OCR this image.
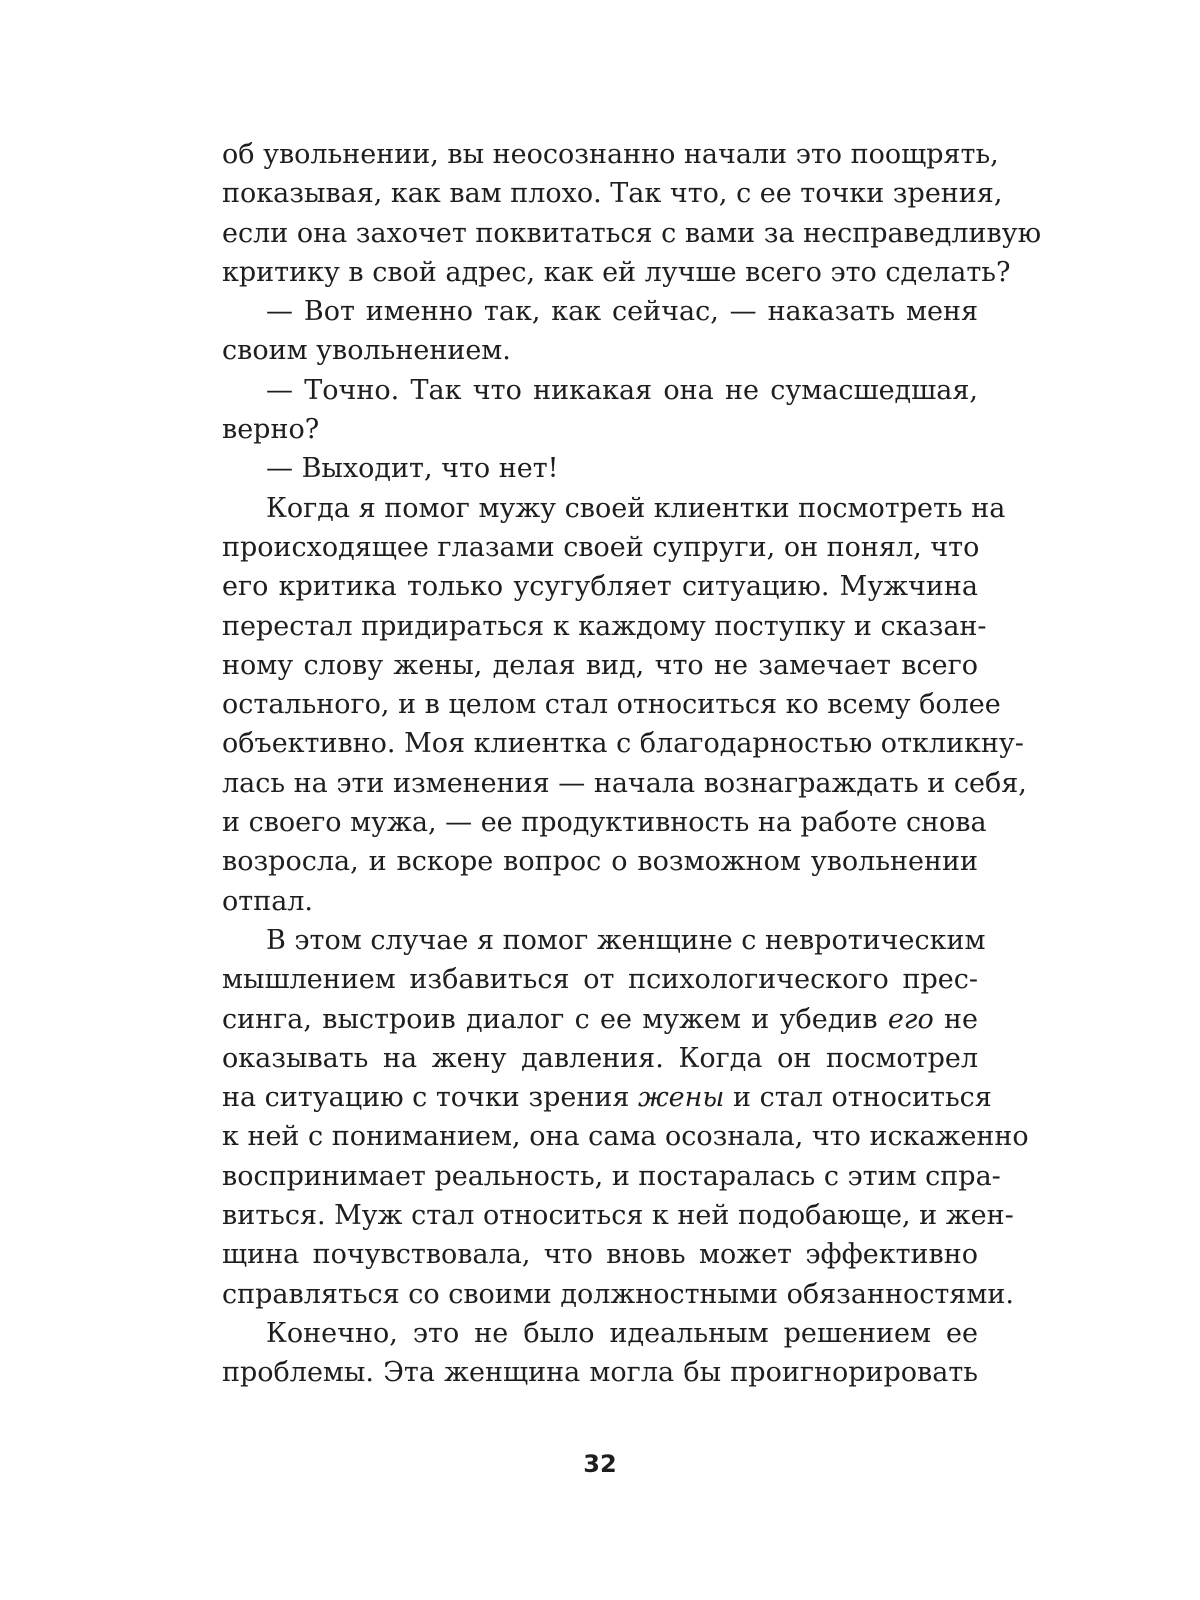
об увольнении, вы неосознанно начали это поощрять,
показывая, как вам плохо. Так что, с ее точки зрения,
если она захочет поквитаться с вами за несправедливую
критику в свой адрес, как ей лучше всего это сделать?
— Вот именно так, как сейчас, — наказать меня
своим увольнением.
— Точно. Так что никакая она не сумасшедшая,
верно?
— Выходит, что нет!
Когда я помог мужу своей клиентки посмотреть на
происходящее глазами своей супруги, он понял, что
его критика только усугубляет ситуацию. Мужчина
перестал придираться к каждому поступку и сказан-
ному слову жены, делая вид, что не замечает всего
остального, и в целом стал относиться ко всему более
объективно. Моя клиентка с благодарностью откликну-
лась на эти изменения — начала вознаграждать и себя,
и своего мужа, — ее продуктивность на работе снова
возросла, и вскоре вопрос о возможном увольнении
отпал.
В этом случае я помог женщине с невротическим
мышлением избавиться от психологического прес-
синга, выстроив диалог с ее мужем и убедив его не
оказывать на жену давления. Когда он посмотрел
на ситуацию с точки зрения жены и стал относиться
к ней с пониманием, она сама осознала, что искаженно
воспринимает реальность, и постаралась с этим спра-
виться. Муж стал относиться к ней подобающе, и жен-
щина почувствовала, что вновь может эффективно
справляться со своими должностными обязанностями.
Конечно, это не было идеальным решением ее
проблемы. Эта женщина могла бы проигнорировать
32
